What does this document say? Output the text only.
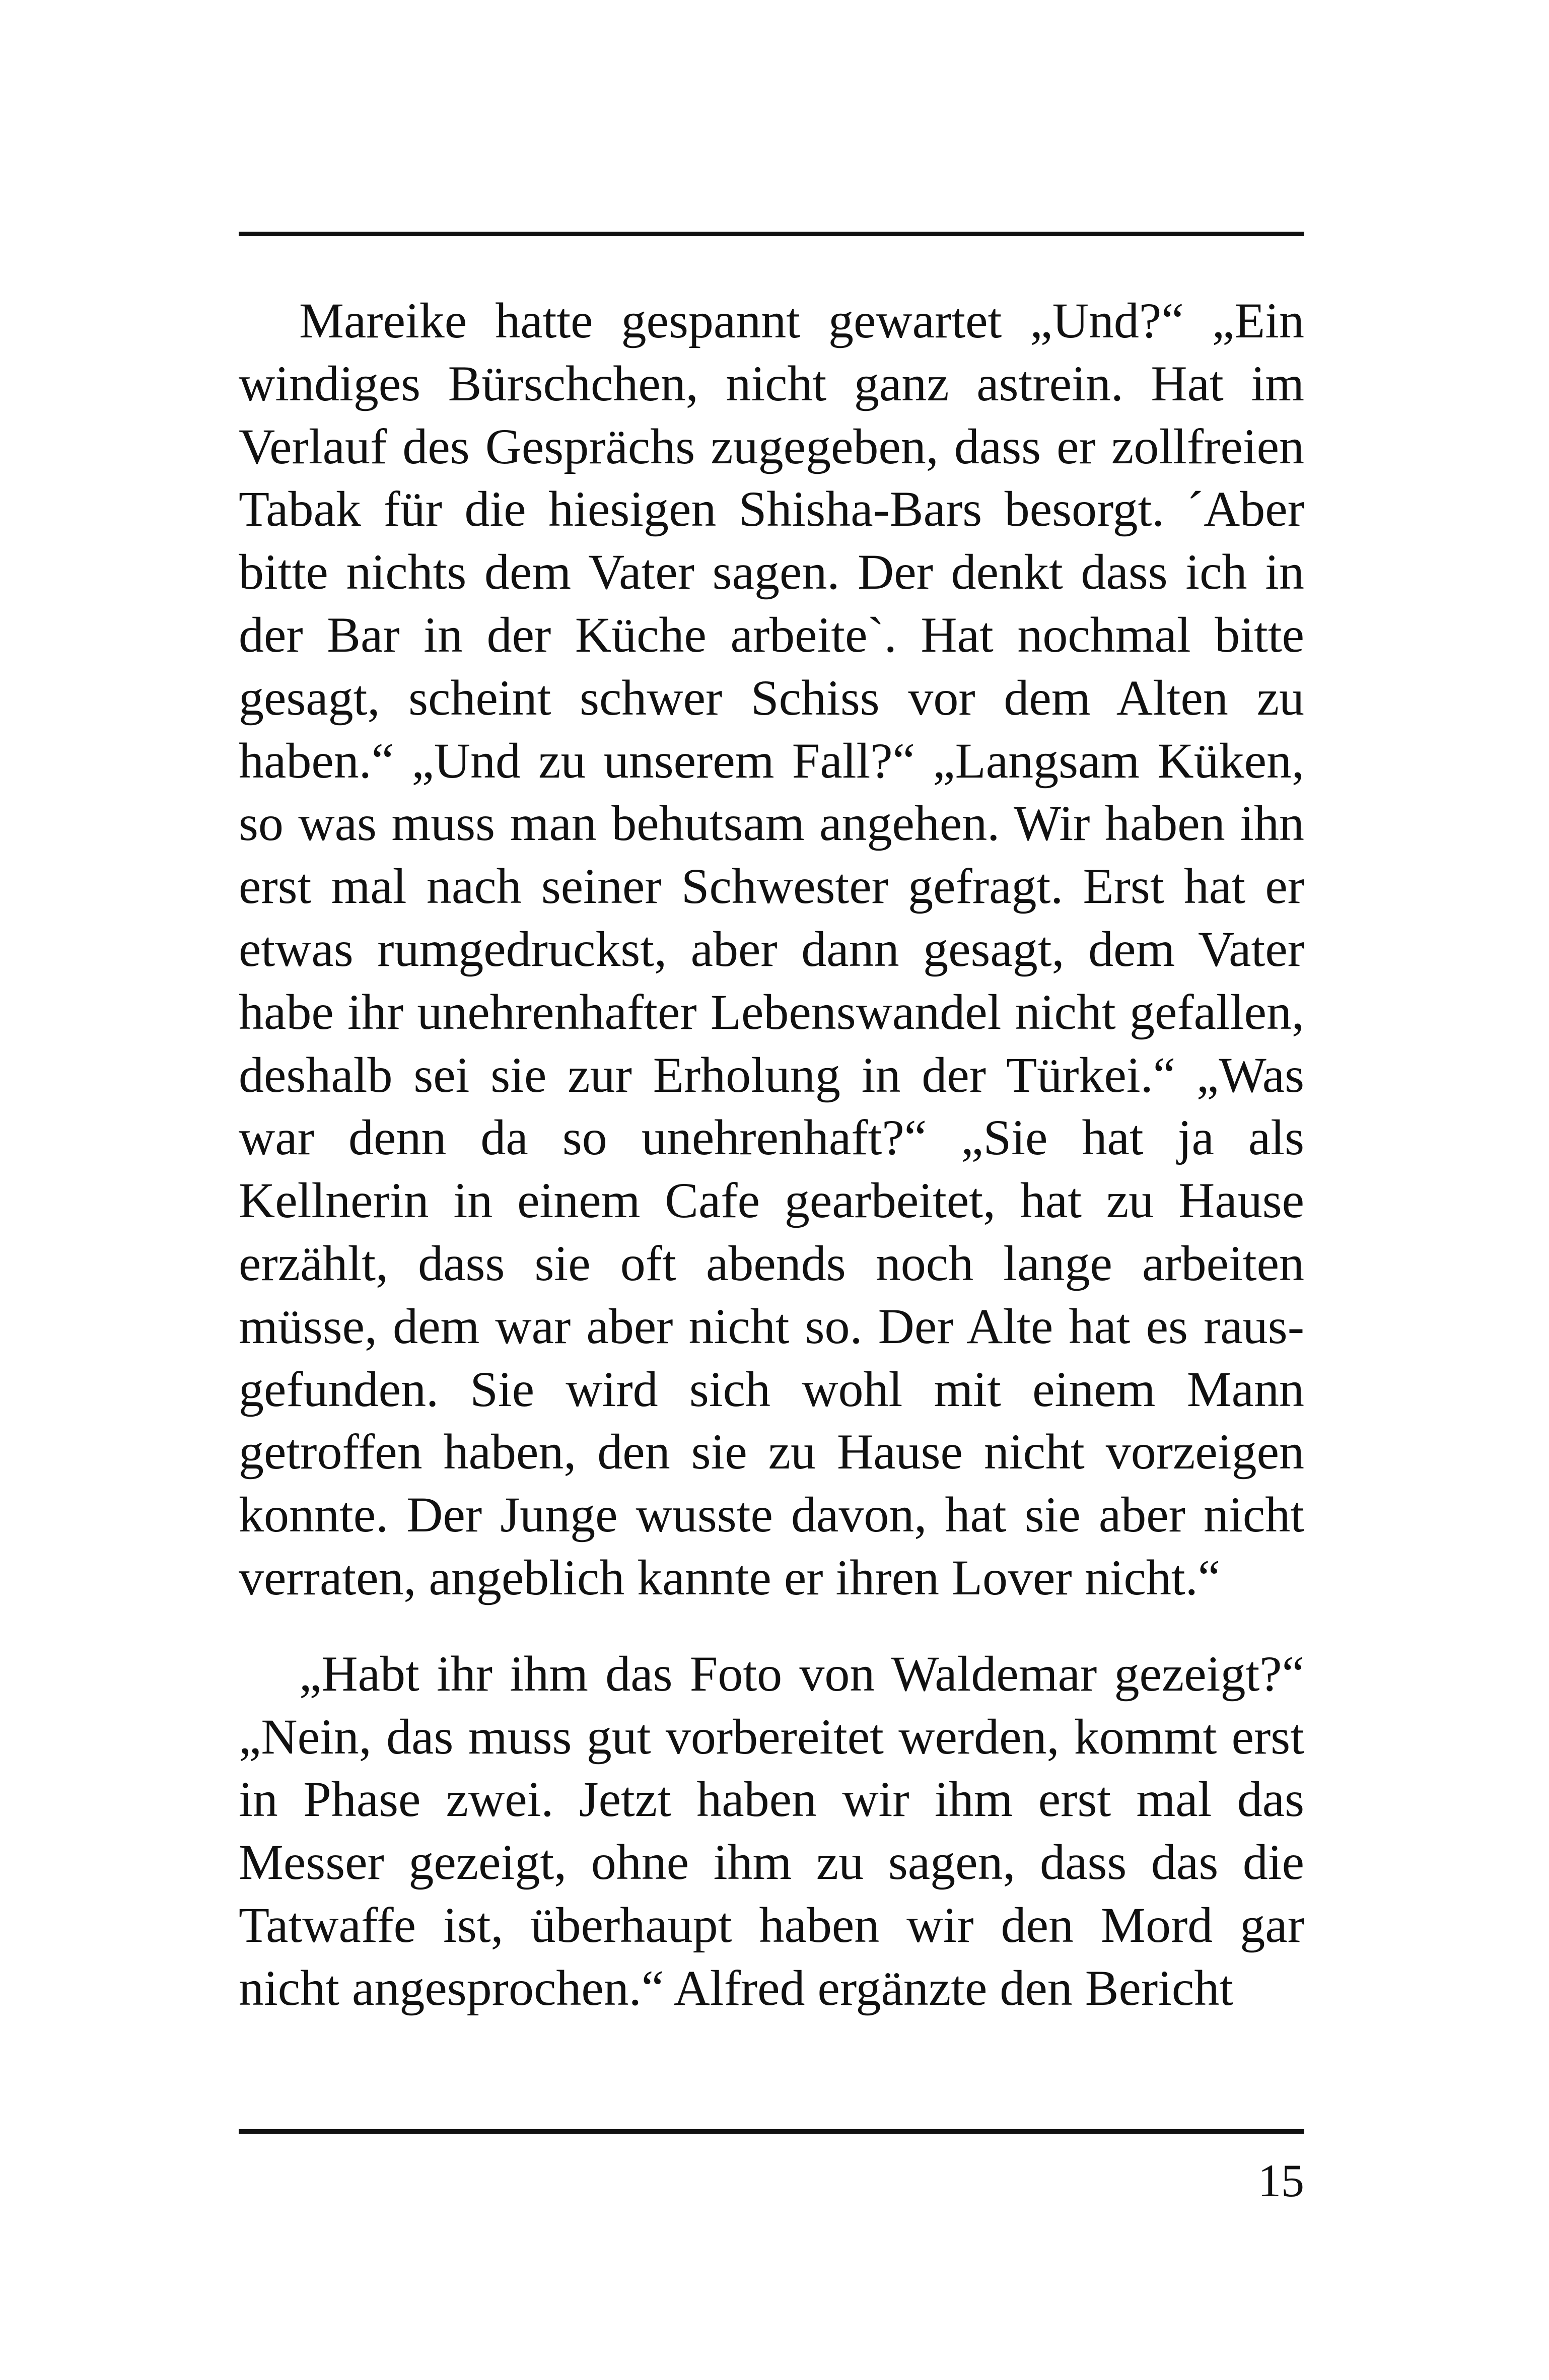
Mareike hatte gespannt gewartet „Und?“ „Ein windiges Bürschchen, nicht ganz astrein. Hat im Verlauf des Gesprächs zugegeben, dass er zollfreien Tabak für die hiesigen Shisha-Bars besorgt. ´Aber bitte nichts dem Vater sagen. Der denkt dass ich in der Bar in der Küche arbeite`. Hat nochmal bitte gesagt, scheint schwer Schiss vor dem Alten zu haben.“ „Und zu unserem Fall?“ „Langsam Küken, so was muss man behutsam angehen. Wir haben ihn erst mal nach seiner Schwester gefragt. Erst hat er etwas rumgedruckst, aber dann gesagt, dem Vater habe ihr unehrenhafter Lebenswandel nicht gefallen, deshalb sei sie zur Erholung in der Türkei.“ „Was war denn da so unehrenhaft?“ „Sie hat ja als Kellnerin in einem Cafe gearbeitet, hat zu Hause erzählt, dass sie oft abends noch lange arbeiten müsse, dem war aber nicht so. Der Alte hat es rausgefunden. Sie wird sich wohl mit einem Mann getroffen haben, den sie zu Hause nicht vorzeigen konnte. Der Junge wusste davon, hat sie aber nicht verraten, angeblich kannte er ihren Lover nicht.“

„Habt ihr ihm das Foto von Waldemar gezeigt?“ „Nein, das muss gut vorbereitet werden, kommt erst in Phase zwei. Jetzt haben wir ihm erst mal das Messer gezeigt, ohne ihm zu sagen, dass das die Tatwaffe ist, überhaupt haben wir den Mord gar nicht angesprochen.“ Alfred ergänzte den Bericht

15
